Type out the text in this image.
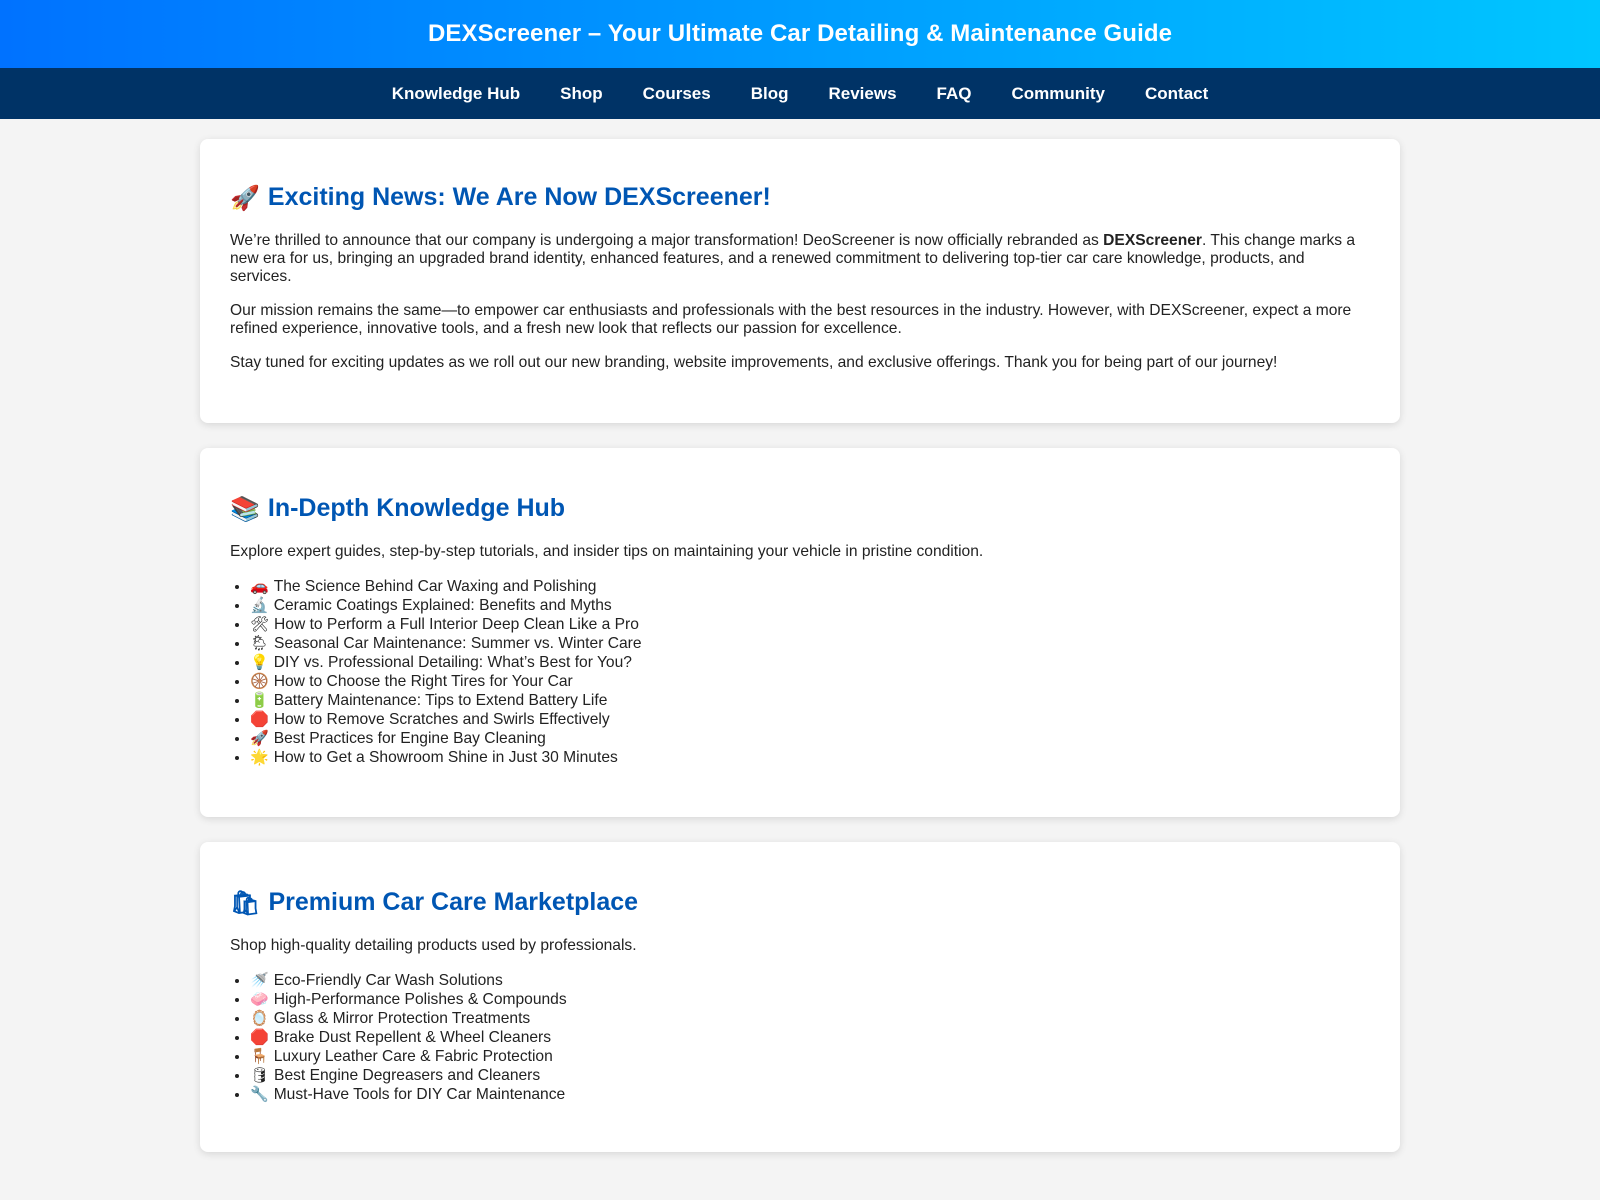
DEXScreener – Your Ultimate Car Detailing & Maintenance Guide
Knowledge Hub Shop Courses Blog Reviews FAQ Community Contact
🚀 Exciting News: We Are Now DEXScreener!

We’re thrilled to announce that our company is undergoing a major transformation! DeoScreener is now officially rebranded as DEXScreener. This change marks a new era for us, bringing an upgraded brand identity, enhanced features, and a renewed commitment to delivering top-tier car care knowledge, products, and services.

Our mission remains the same—to empower car enthusiasts and professionals with the best resources in the industry. However, with DEXScreener, expect a more refined experience, innovative tools, and a fresh new look that reflects our passion for excellence.

Stay tuned for exciting updates as we roll out our new branding, website improvements, and exclusive offerings. Thank you for being part of our journey!

📚 In-Depth Knowledge Hub

Explore expert guides, step-by-step tutorials, and insider tips on maintaining your vehicle in pristine condition.

• 🚗 The Science Behind Car Waxing and Polishing
• 🔬 Ceramic Coatings Explained: Benefits and Myths
• 🛠 How to Perform a Full Interior Deep Clean Like a Pro
• 🌦 Seasonal Car Maintenance: Summer vs. Winter Care
• 💡 DIY vs. Professional Detailing: What’s Best for You?
• 🛞 How to Choose the Right Tires for Your Car
• 🔋 Battery Maintenance: Tips to Extend Battery Life
• 🛑 How to Remove Scratches and Swirls Effectively
• 🚀 Best Practices for Engine Bay Cleaning
• 🌟 How to Get a Showroom Shine in Just 30 Minutes
🛍 Premium Car Care Marketplace

Shop high-quality detailing products used by professionals.

• 🚿 Eco-Friendly Car Wash Solutions
• 🧼 High-Performance Polishes & Compounds
• 🪞 Glass & Mirror Protection Treatments
• 🛑 Brake Dust Repellent & Wheel Cleaners
• 🪑 Luxury Leather Care & Fabric Protection
• 🛢 Best Engine Degreasers and Cleaners
• 🔧 Must-Have Tools for DIY Car Maintenance
